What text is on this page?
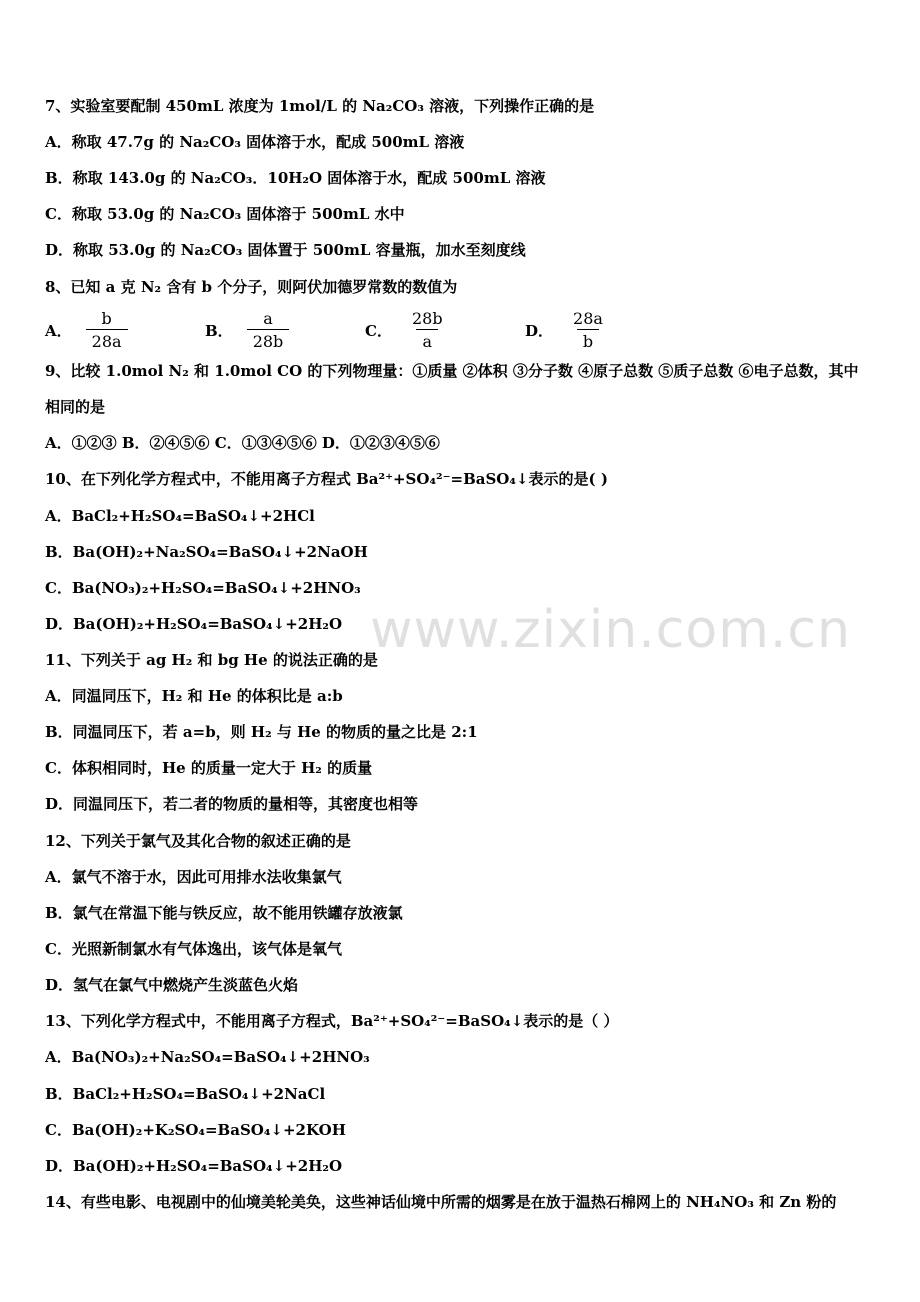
www.zixin.com.cn
7、实验室要配制 450mL 浓度为 1mol/L 的 Na₂CO₃ 溶液，下列操作正确的是
A．称取 47.7g 的 Na₂CO₃ 固体溶于水，配成 500mL 溶液
B．称取 143.0g 的 Na₂CO₃．10H₂O 固体溶于水，配成 500mL 溶液
C．称取 53.0g 的 Na₂CO₃ 固体溶于 500mL 水中
D．称取 53.0g 的 Na₂CO₃ 固体置于 500mL 容量瓶，加水至刻度线
8、已知 a 克 N₂ 含有 b 个分子，则阿伏加德罗常数的数值为
A． $\frac{b}{28a}$	B． $\frac{a}{28b}$	C． $\frac{28b}{a}$	D． $\frac{28a}{b}$
9、比较 1.0mol N₂ 和 1.0mol CO 的下列物理量：①质量 ②体积 ③分子数 ④原子总数 ⑤质子总数 ⑥电子总数，其中
相同的是
A．①②③ B．②④⑤⑥ C．①③④⑤⑥ D．①②③④⑤⑥
10、在下列化学方程式中，不能用离子方程式 Ba²⁺+SO₄²⁻=BaSO₄↓表示的是( )
A．BaCl₂+H₂SO₄=BaSO₄↓+2HCl
B．Ba(OH)₂+Na₂SO₄=BaSO₄↓+2NaOH
C．Ba(NO₃)₂+H₂SO₄=BaSO₄↓+2HNO₃
D．Ba(OH)₂+H₂SO₄=BaSO₄↓+2H₂O
11、下列关于 ag H₂ 和 bg He 的说法正确的是
A．同温同压下，H₂ 和 He 的体积比是 a:b
B．同温同压下，若 a=b，则 H₂ 与 He 的物质的量之比是 2:1
C．体积相同时，He 的质量一定大于 H₂ 的质量
D．同温同压下，若二者的物质的量相等，其密度也相等
12、下列关于氯气及其化合物的叙述正确的是
A．氯气不溶于水，因此可用排水法收集氯气
B．氯气在常温下能与铁反应，故不能用铁罐存放液氯
C．光照新制氯水有气体逸出，该气体是氧气
D．氢气在氯气中燃烧产生淡蓝色火焰
13、下列化学方程式中，不能用离子方程式，Ba²⁺+SO₄²⁻=BaSO₄↓表示的是（ ）
A．Ba(NO₃)₂+Na₂SO₄=BaSO₄↓+2HNO₃
B．BaCl₂+H₂SO₄=BaSO₄↓+2NaCl
C．Ba(OH)₂+K₂SO₄=BaSO₄↓+2KOH
D．Ba(OH)₂+H₂SO₄=BaSO₄↓+2H₂O
14、有些电影、电视剧中的仙境美轮美奂，这些神话仙境中所需的烟雾是在放于温热石棉网上的 NH₄NO₃ 和 Zn 粉的
